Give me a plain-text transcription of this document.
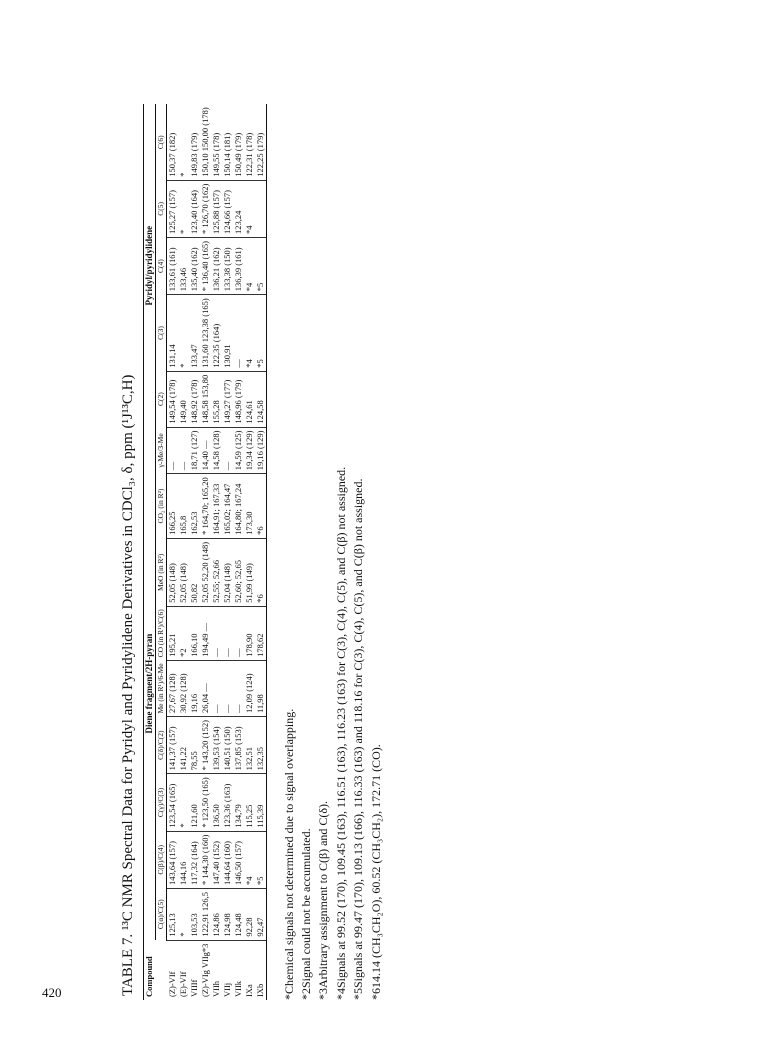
420	TABLE 7. ¹³C NMR Spectral Data for Pyridyl and Pyridylidene Derivatives in CDCl₃, δ, ppm (¹J¹³C,H) Compound	Diene fragment/2H-pyran									Pyridyl/pyridylidene				
	C(α)/C(5)	C(β)/C(4)	C(γ)/C(3)	C(δ)/C(2)	Me (in R¹)/6-Me	CO (in R¹)/C(6)	MeO (in R²)	CO₂ (in R²)	γ-Me/3-Me	C(2)	C(3)	C(4)	C(5)	C(6)
(Z)-VIf	125,13	143,64 (157)	123,54 (165)	141,37 (157)	27,67 (128)	195,21	52,05 (148)	166,25	—	149,54 (178)	131,14	133,61 (161)	125,27 (157)	150,37 (182)
(E)-VIf	*	144,16	*	141,22	30,92 (128)	*2	52,05 (148)	165,8	—	149,40	*	133,46	*	*
VIIIf	103,53	117,32 (164)	121,60	78,55	19,16	166,10	50,82	162,53	18,71 (127)	148,92 (178)	133,47	135,40 (162)	123,40 (164)	149,83 (179)
(Z)-VIg VIIg*3	122,91 126,5	* 144,30 (160)	* 123,50 (165)	* 143,20 (152)	26,04 —	194,49 —	52,05 52,20 (148)	* 164,70; 165,20	14,40 —	148,58 153,80	131,60 123,38 (165)	* 136,40 (165)	* 126,70 (162)	150,10 150,00 (178)
VIIh	124,86	147,40 (152)	136,50	139,53 (154)	—	—	52,55; 52,66	164,91; 167,33	14,58 (128)	155,28	122,35 (164)	136,21 (162)	125,88 (157)	149,55 (178)
VIIj	124,98	144,64 (160)	123,36 (163)	140,51 (150)	—	—	52,04 (148)	165,02; 164,47	—	149,27 (177)	130,91	133,38 (150)	124,66 (157)	150,14 (181)
VIIk	124,48	146,50 (157)	134,79	137,85 (153)	—	—	52,60; 52,65	164,80; 167,24	14,59 (125)	148,96 (179)	—	136,39 (161)	123,24	150,49 (179)
IXa	92,28	*4	115,25	132,51	12,09 (124)	178,90	51,99 (149)	173,30	19,34 (129)	124,61	*4	*4	*4	122,31 (178)
IXb	92,47	*5	115,39	132,35	11,98	178,62	*6	*6	19,16 (129)	124,58	*5	*5		122,25 (179)
*Chemical signals not determined due to signal overlapping. *2Signal could not be accumulated. *3Arbitrary assignment to C(β) and C(δ). *4Signals at 99.52 (170), 109.45 (163), 116.51 (163), 116.23 (163) for C(3), C(4), C(5), and C(β) not assigned. *5Signals at 99.47 (170), 109.13 (166), 116.33 (163) and 118.16 for C(3), C(4), C(5), and C(β) not assigned. *614.14 (CH₃CH₂O), 60.52 (CH₃CH₂), 172.71 (CO).
